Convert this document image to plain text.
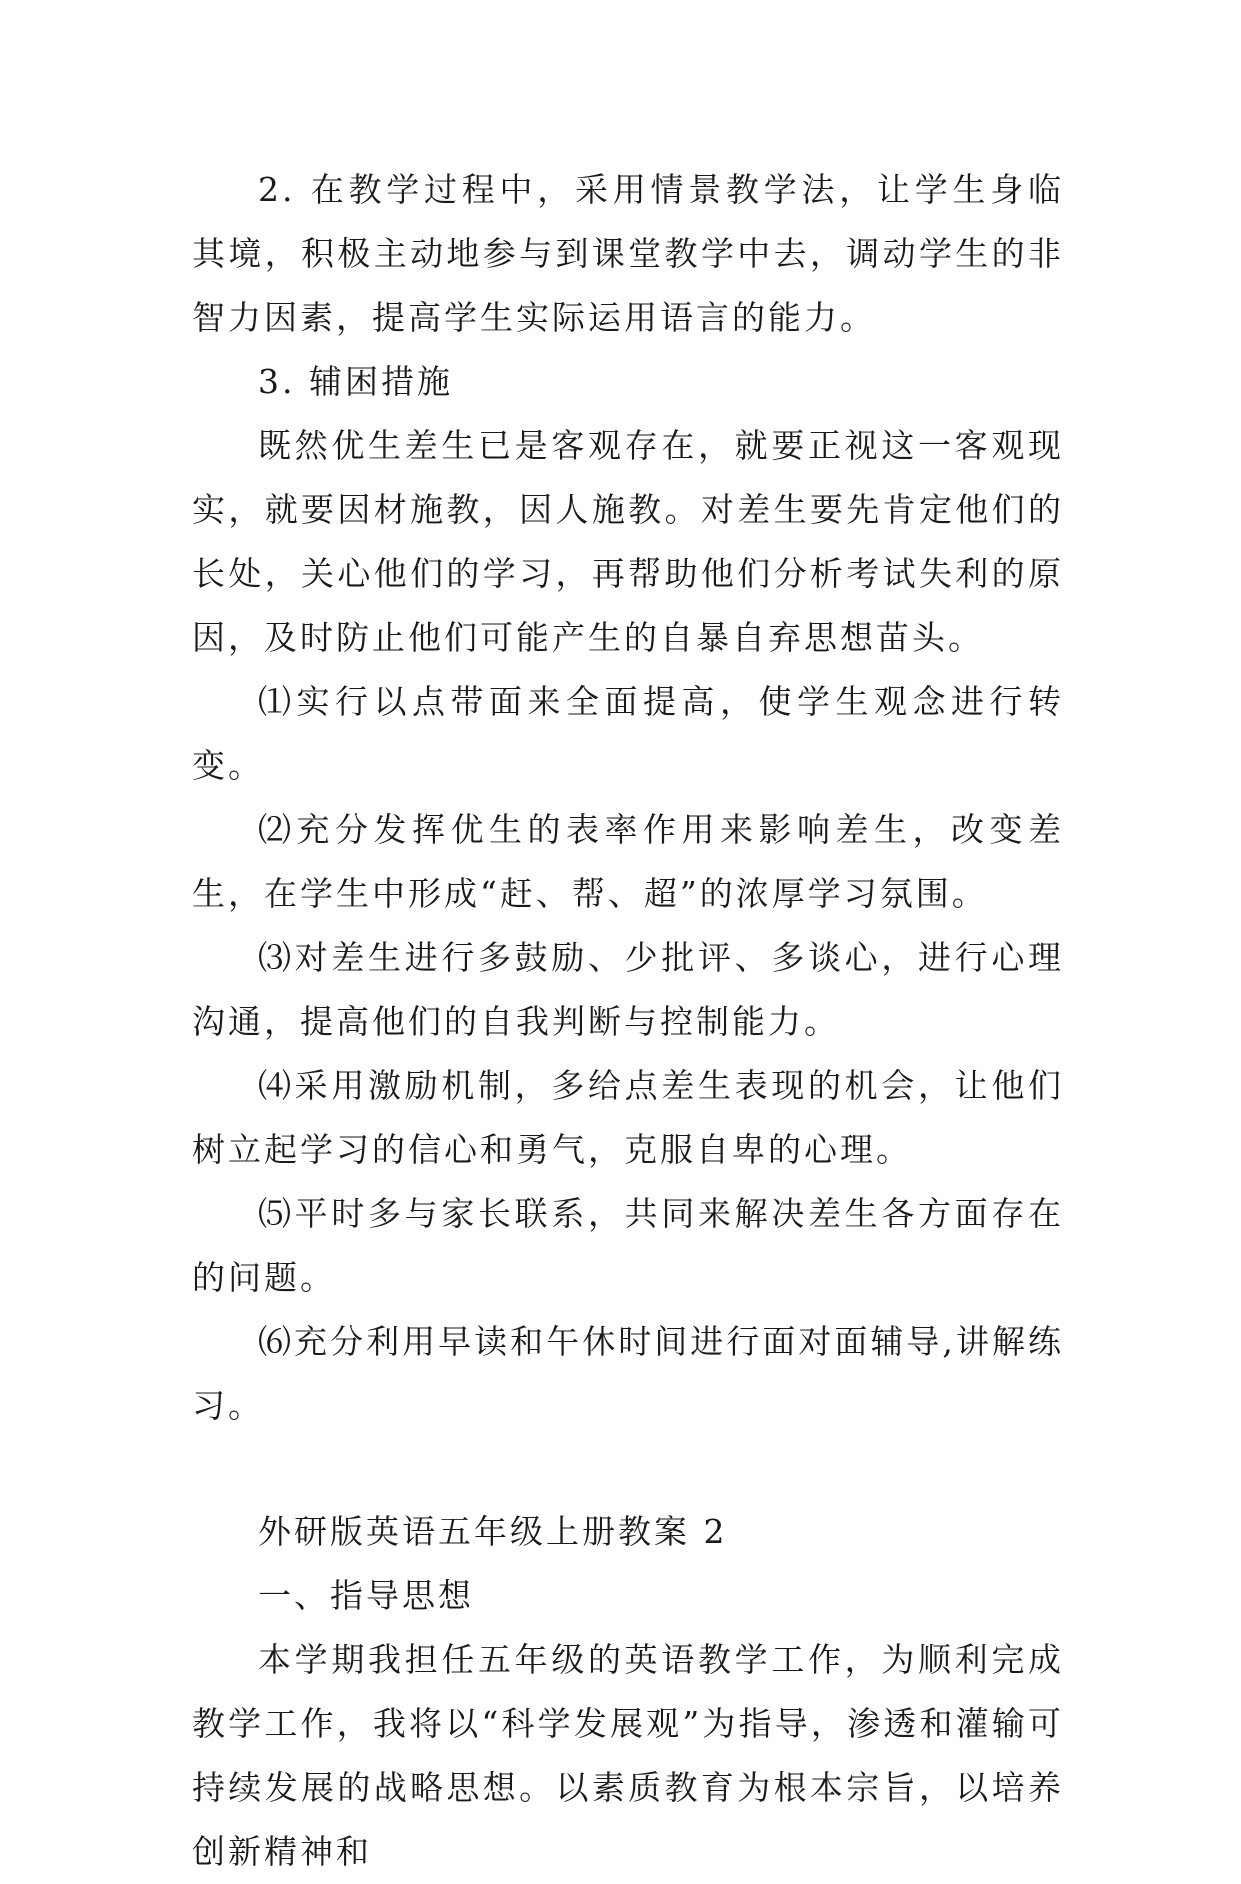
2. 在教学过程中，采用情景教学法，让学生身临其境，积极主动地参与到课堂教学中去，调动学生的非智力因素，提高学生实际运用语言的能力。

3. 辅困措施

既然优生差生已是客观存在，就要正视这一客观现实，就要因材施教，因人施教。对差生要先肯定他们的长处，关心他们的学习，再帮助他们分析考试失利的原因，及时防止他们可能产生的自暴自弃思想苗头。

⑴实行以点带面来全面提高，使学生观念进行转变。

⑵充分发挥优生的表率作用来影响差生，改变差生，在学生中形成“赶、帮、超”的浓厚学习氛围。

⑶对差生进行多鼓励、少批评、多谈心，进行心理沟通，提高他们的自我判断与控制能力。

⑷采用激励机制，多给点差生表现的机会，让他们树立起学习的信心和勇气，克服自卑的心理。

⑸平时多与家长联系，共同来解决差生各方面存在的问题。

⑹充分利用早读和午休时间进行面对面辅导,讲解练习。

外研版英语五年级上册教案 2

一、指导思想

本学期我担任五年级的英语教学工作，为顺利完成教学工作，我将以“科学发展观”为指导，渗透和灌输可持续发展的战略思想。以素质教育为根本宗旨，以培养创新精神和
